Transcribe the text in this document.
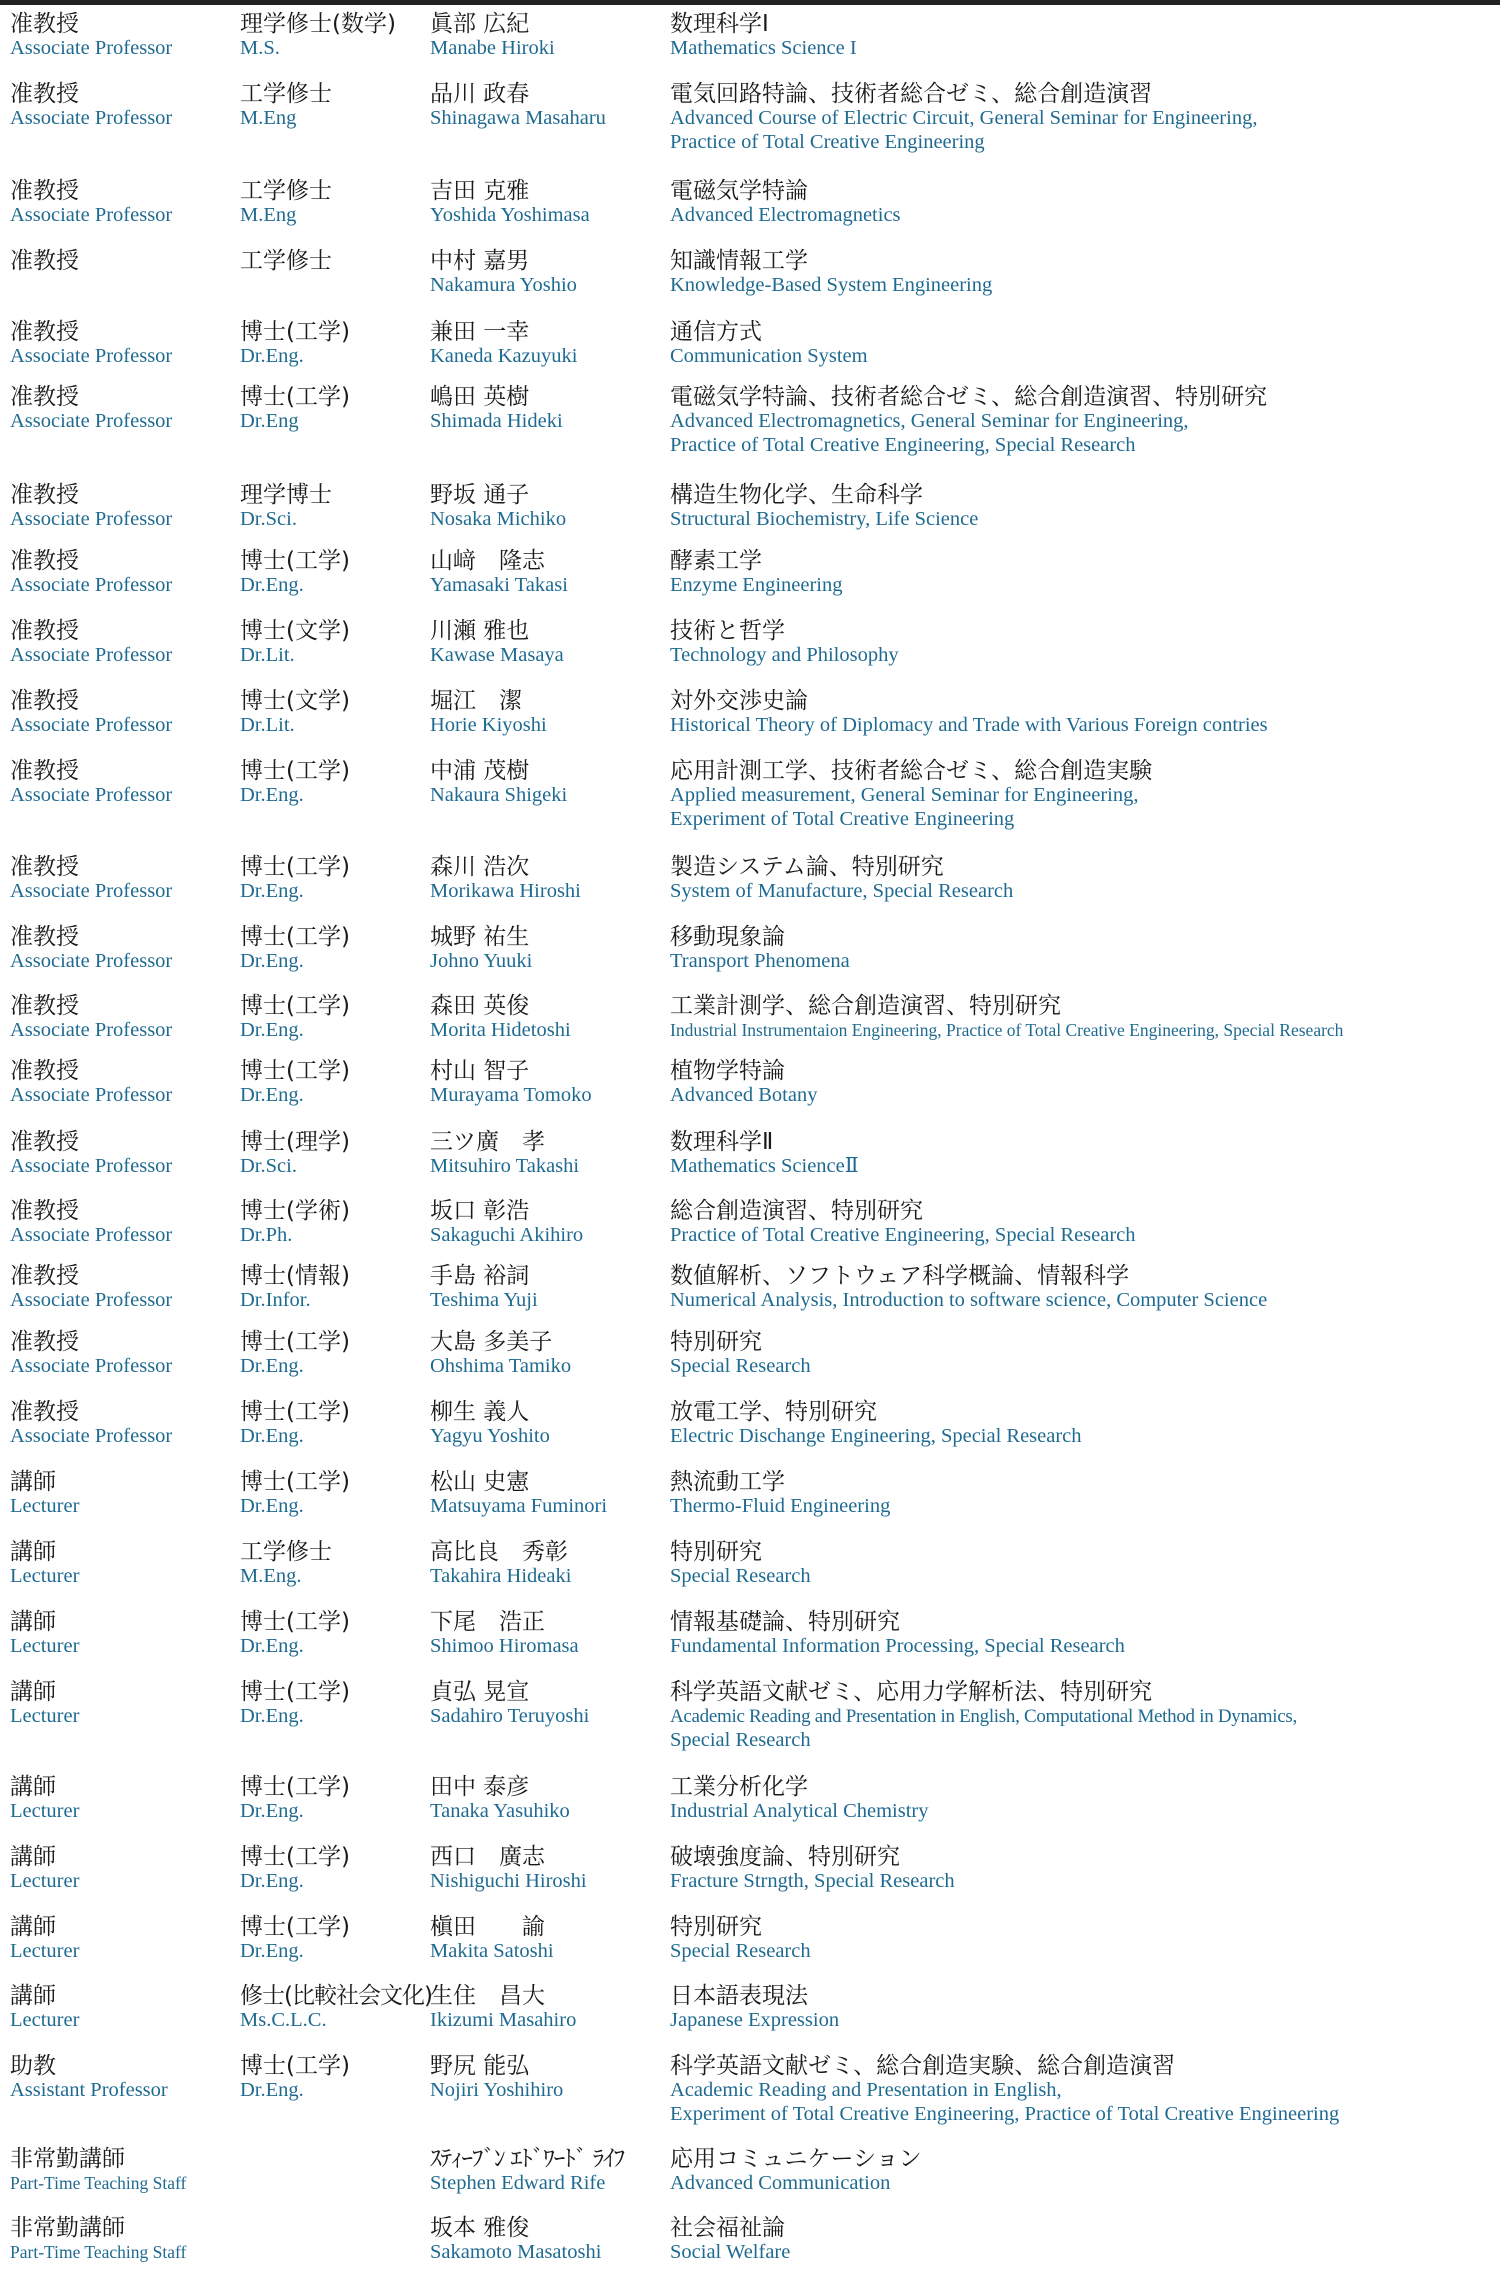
准教授
Associate Professor
理学修士(数学)
M.S.
眞部 広紀
Manabe Hiroki
数理科学Ⅰ
Mathematics Science I
准教授
Associate Professor
工学修士
M.Eng
品川 政春
Shinagawa Masaharu
電気回路特論、技術者総合ゼミ、総合創造演習
Advanced Course of Electric Circuit, General Seminar for Engineering,
Practice of Total Creative Engineering
准教授
Associate Professor
工学修士
M.Eng
吉田 克雅
Yoshida Yoshimasa
電磁気学特論
Advanced Electromagnetics
准教授	工学修士	中村 嘉男
Nakamura Yoshio
知識情報工学
Knowledge-Based System Engineering
准教授
Associate Professor
博士(工学)
Dr.Eng.
兼田 一幸
Kaneda Kazuyuki
通信方式
Communication System
准教授
Associate Professor
博士(工学)
Dr.Eng
嶋田 英樹
Shimada Hideki
電磁気学特論、技術者総合ゼミ、総合創造演習、特別研究
Advanced Electromagnetics, General Seminar for Engineering,
Practice of Total Creative Engineering, Special Research
准教授
Associate Professor
理学博士
Dr.Sci.
野坂 通子
Nosaka Michiko
構造生物化学、生命科学
Structural Biochemistry, Life Science
准教授
Associate Professor
博士(工学)
Dr.Eng.
山﨑　隆志
Yamasaki Takasi
酵素工学
Enzyme Engineering
准教授
Associate Professor
博士(文学)
Dr.Lit.
川瀬 雅也
Kawase Masaya
技術と哲学
Technology and Philosophy
准教授
Associate Professor
博士(文学)
Dr.Lit.
堀江　潔
Horie Kiyoshi
対外交渉史論
Historical Theory of Diplomacy and Trade with Various Foreign contries
准教授
Associate Professor
博士(工学)
Dr.Eng.
中浦 茂樹
Nakaura Shigeki
応用計測工学、技術者総合ゼミ、総合創造実験
Applied measurement, General Seminar for Engineering,
Experiment of Total Creative Engineering
准教授
Associate Professor
博士(工学)
Dr.Eng.
森川 浩次
Morikawa Hiroshi
製造システム論、特別研究
System of Manufacture, Special Research
准教授
Associate Professor
博士(工学)
Dr.Eng.
城野 祐生
Johno Yuuki
移動現象論
Transport Phenomena
准教授
Associate Professor
博士(工学)
Dr.Eng.
森田 英俊
Morita Hidetoshi
工業計測学、総合創造演習、特別研究
Industrial Instrumentaion Engineering, Practice of Total Creative Engineering, Special Research
准教授
Associate Professor
博士(工学)
Dr.Eng.
村山 智子
Murayama Tomoko
植物学特論
Advanced Botany
准教授
Associate Professor
博士(理学)
Dr.Sci.
三ツ廣　孝
Mitsuhiro Takashi
数理科学Ⅱ
Mathematics ScienceⅡ
准教授
Associate Professor
博士(学術)
Dr.Ph.
坂口 彰浩
Sakaguchi Akihiro
総合創造演習、特別研究
Practice of Total Creative Engineering, Special Research
准教授
Associate Professor
博士(情報)
Dr.Infor.
手島 裕詞
Teshima Yuji
数値解析、ソフトウェア科学概論、情報科学
Numerical Analysis, Introduction to software science, Computer Science
准教授
Associate Professor
博士(工学)
Dr.Eng.
大島 多美子
Ohshima Tamiko
特別研究
Special Research
准教授
Associate Professor
博士(工学)
Dr.Eng.
柳生 義人
Yagyu Yoshito
放電工学、特別研究
Electric Dischange Engineering, Special Research
講師
Lecturer
博士(工学)
Dr.Eng.
松山 史憲
Matsuyama Fuminori
熱流動工学
Thermo-Fluid Engineering
講師
Lecturer
工学修士
M.Eng.
高比良　秀彰
Takahira Hideaki
特別研究
Special Research
講師
Lecturer
博士(工学)
Dr.Eng.
下尾　浩正
Shimoo Hiromasa
情報基礎論、特別研究
Fundamental Information Processing, Special Research
講師
Lecturer
博士(工学)
Dr.Eng.
貞弘 晃宣
Sadahiro Teruyoshi
科学英語文献ゼミ、応用力学解析法、特別研究
Academic Reading and Presentation in English, Computational Method in Dynamics,
Special Research
講師
Lecturer
博士(工学)
Dr.Eng.
田中 泰彦
Tanaka Yasuhiko
工業分析化学
Industrial Analytical Chemistry
講師
Lecturer
博士(工学)
Dr.Eng.
西口　廣志
Nishiguchi Hiroshi
破壊強度論、特別研究
Fracture Strngth, Special Research
講師
Lecturer
博士(工学)
Dr.Eng.
槇田　　諭
Makita Satoshi
特別研究
Special Research
講師
Lecturer
修士(比較社会文化)
Ms.C.L.C.
生住　昌大
Ikizumi Masahiro
日本語表現法
Japanese Expression
助教
Assistant Professor
博士(工学)
Dr.Eng.
野尻 能弘
Nojiri Yoshihiro
科学英語文献ゼミ、総合創造実験、総合創造演習
Academic Reading and Presentation in English,
Experiment of Total Creative Engineering, Practice of Total Creative Engineering
非常勤講師
Part-Time Teaching Staff
ｽﾃｨｰﾌﾞﾝ ｴﾄﾞﾜｰﾄﾞ ﾗｲﾌ
Stephen Edward Rife
応用コミュニケーション
Advanced Communication
非常勤講師
Part-Time Teaching Staff
坂本 雅俊
Sakamoto Masatoshi
社会福祉論
Social Welfare
